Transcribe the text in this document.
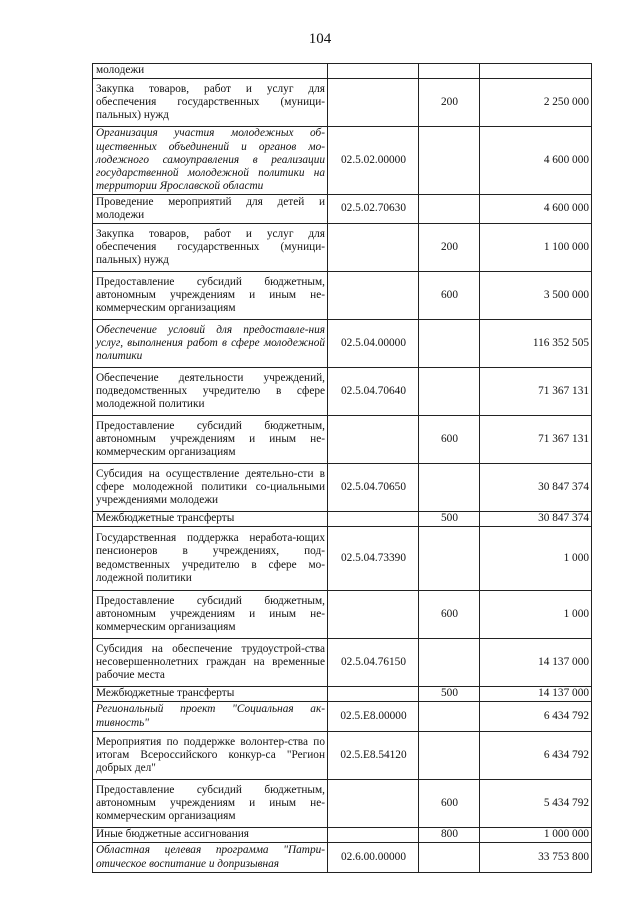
104
молодежи			
Закупка товаров, работ и услуг для обеспечения государственных (муници-пальных) нужд		200	2 250 000
Организация участия молодежных об-щественных объединений и органов мо-лодежного самоуправления в реализации государственной молодежной политики на территории Ярославской области	02.5.02.00000		4 600 000
Проведение мероприятий для детей и молодежи	02.5.02.70630		4 600 000
Закупка товаров, работ и услуг для обеспечения государственных (муници-пальных) нужд		200	1 100 000
Предоставление субсидий бюджетным, автономным учреждениям и иным не-коммерческим организациям		600	3 500 000
Обеспечение условий для предоставле-ния услуг, выполнения работ в сфере молодежной политики	02.5.04.00000		116 352 505
Обеспечение деятельности учреждений, подведомственных учредителю в сфере молодежной политики	02.5.04.70640		71 367 131
Предоставление субсидий бюджетным, автономным учреждениям и иным не-коммерческим организациям		600	71 367 131
Субсидия на осуществление деятельно-сти в сфере молодежной политики со-циальными учреждениями молодежи	02.5.04.70650		30 847 374
Межбюджетные трансферты		500	30 847 374
Государственная поддержка неработа-ющих пенсионеров в учреждениях, под-ведомственных учредителю в сфере мо-лодежной политики	02.5.04.73390		1 000
Предоставление субсидий бюджетным, автономным учреждениям и иным не-коммерческим организациям		600	1 000
Субсидия на обеспечение трудоустрой-ства несовершеннолетних граждан на временные рабочие места	02.5.04.76150		14 137 000
Межбюджетные трансферты		500	14 137 000
Региональный проект "Социальная ак-тивность"	02.5.E8.00000		6 434 792
Мероприятия по поддержке волонтер-ства по итогам Всероссийского конкур-са "Регион добрых дел"	02.5.E8.54120		6 434 792
Предоставление субсидий бюджетным, автономным учреждениям и иным не-коммерческим организациям		600	5 434 792
Иные бюджетные ассигнования		800	1 000 000
Областная целевая программа "Патри-отическое воспитание и допризывная	02.6.00.00000		33 753 800
